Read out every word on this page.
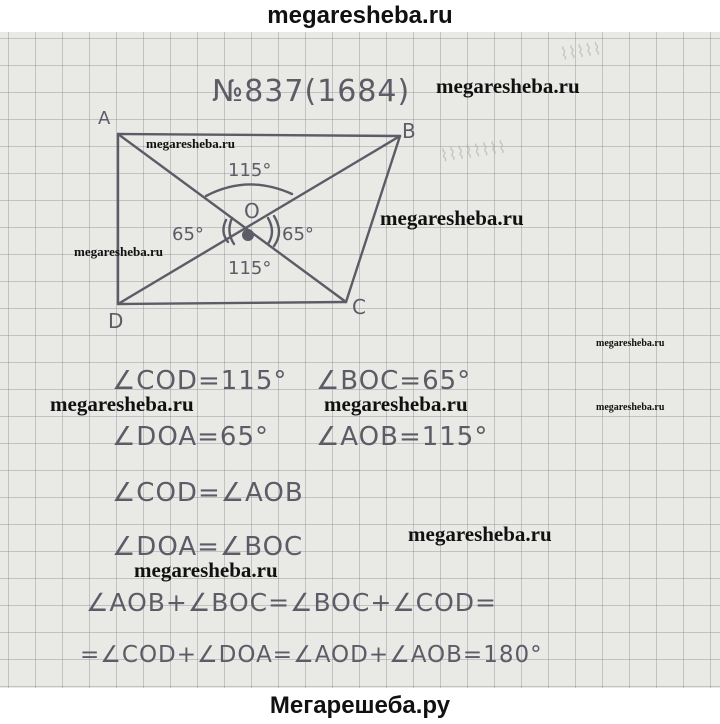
megaresheba.ru
⌇⌇⌇⌇⌇
⌇⌇⌇⌇⌇⌇⌇⌇
A
B
C
D
O
115°
65°	65°
115°
№837(1684)
∠COD=115° ∠BOC=65°
∠DOA=65° ∠AOB=115°
∠COD=∠AOB
∠DOA=∠BOC
∠AOB+∠BOC=∠BOC+∠COD=
=∠COD+∠DOA=∠AOD+∠AOB=180°
megaresheba.ru
megaresheba.ru
megaresheba.ru
megaresheba.ru
megaresheba.ru
megaresheba.ru	megaresheba.ru	megaresheba.ru
megaresheba.ru
megaresheba.ru
Мегарешеба.ру
